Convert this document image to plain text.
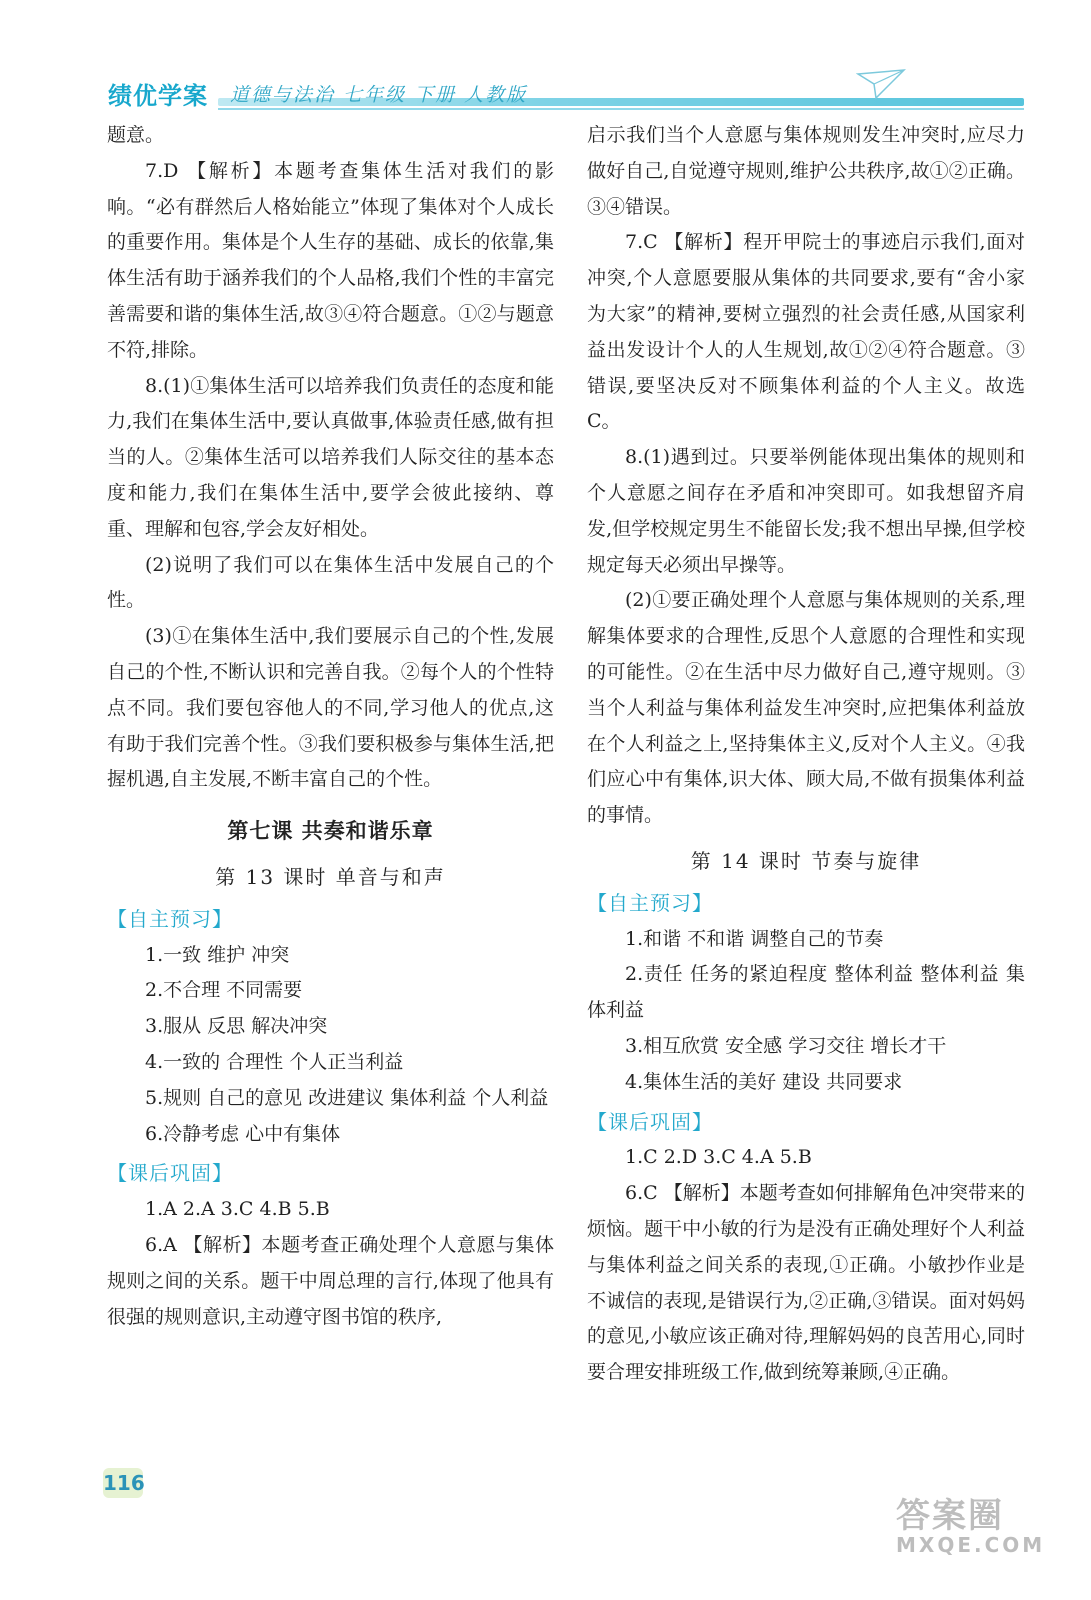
绩优学案 道德与法治 七年级 下册 人教版

题意。

7.D 【解析】本题考查集体生活对我们的影响。“必有群然后人格始能立”体现了集体对个人成长的重要作用。集体是个人生存的基础、成长的依靠,集体生活有助于涵养我们的个人品格,我们个性的丰富完善需要和谐的集体生活,故③④符合题意。①②与题意不符,排除。

8.(1)①集体生活可以培养我们负责任的态度和能力,我们在集体生活中,要认真做事,体验责任感,做有担当的人。②集体生活可以培养我们人际交往的基本态度和能力,我们在集体生活中,要学会彼此接纳、尊重、理解和包容,学会友好相处。

(2)说明了我们可以在集体生活中发展自己的个性。

(3)①在集体生活中,我们要展示自己的个性,发展自己的个性,不断认识和完善自我。②每个人的个性特点不同。我们要包容他人的不同,学习他人的优点,这有助于我们完善个性。③我们要积极参与集体生活,把握机遇,自主发展,不断丰富自己的个性。

第七课 共奏和谐乐章
第 13 课时 单音与和声
【自主预习】

1.一致 维护 冲突

2.不合理 不同需要

3.服从 反思 解决冲突

4.一致的 合理性 个人正当利益

5.规则 自己的意见 改进建议 集体利益 个人利益

6.冷静考虑 心中有集体

【课后巩固】

1.A 2.A 3.C 4.B 5.B

6.A 【解析】本题考查正确处理个人意愿与集体规则之间的关系。题干中周总理的言行,体现了他具有很强的规则意识,主动遵守图书馆的秩序,

启示我们当个人意愿与集体规则发生冲突时,应尽力做好自己,自觉遵守规则,维护公共秩序,故①②正确。③④错误。

7.C 【解析】程开甲院士的事迹启示我们,面对冲突,个人意愿要服从集体的共同要求,要有“舍小家为大家”的精神,要树立强烈的社会责任感,从国家利益出发设计个人的人生规划,故①②④符合题意。③错误,要坚决反对不顾集体利益的个人主义。故选 C。

8.(1)遇到过。只要举例能体现出集体的规则和个人意愿之间存在矛盾和冲突即可。如我想留齐肩发,但学校规定男生不能留长发;我不想出早操,但学校规定每天必须出早操等。

(2)①要正确处理个人意愿与集体规则的关系,理解集体要求的合理性,反思个人意愿的合理性和实现的可能性。②在生活中尽力做好自己,遵守规则。③当个人利益与集体利益发生冲突时,应把集体利益放在个人利益之上,坚持集体主义,反对个人主义。④我们应心中有集体,识大体、顾大局,不做有损集体利益的事情。

第 14 课时 节奏与旋律
【自主预习】

1.和谐 不和谐 调整自己的节奏

2.责任 任务的紧迫程度 整体利益 整体利益 集体利益

3.相互欣赏 安全感 学习交往 增长才干

4.集体生活的美好 建设 共同要求

【课后巩固】

1.C 2.D 3.C 4.A 5.B

6.C 【解析】本题考查如何排解角色冲突带来的烦恼。题干中小敏的行为是没有正确处理好个人利益与集体利益之间关系的表现,①正确。小敏抄作业是不诚信的表现,是错误行为,②正确,③错误。面对妈妈的意见,小敏应该正确对待,理解妈妈的良苦用心,同时要合理安排班级工作,做到统筹兼顾,④正确。

116
答案圈
MXQE.COM
